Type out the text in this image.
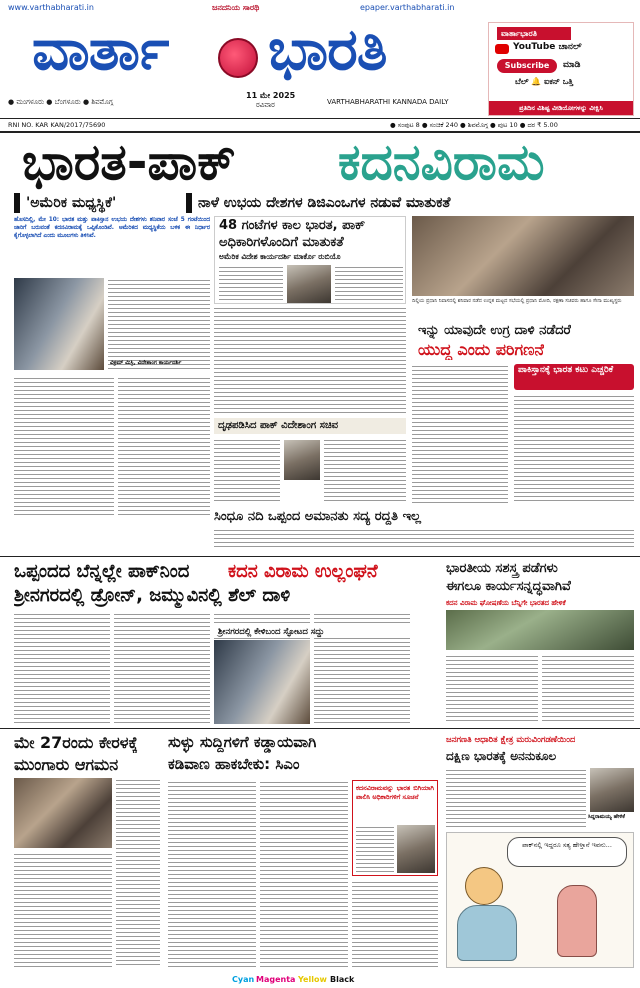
www.varthabharati.in	ಜನದನಿಯ ಸಾರಥಿ	epaper.varthabharati.in
ವಾರ್ತಾ ಭಾರತಿ
● ಮಂಗಳೂರು ● ಬೆಂಗಳೂರು ● ಶಿವಮೊಗ್ಗ
11 ಮೇ 2025
ರವಿವಾರ	VARTHABHARATHI KANNADA DAILY
ವಾರ್ತಾಭಾರತಿ
YouTube ಚಾನಲ್
Subscribe	ಮಾಡಿ
ಬೆಲ್ 🔔 ಐಕನ್ ಒತ್ತಿ
ಪ್ರತಿದಿನ ವಿಶಿಷ್ಟ ವೀಡಿಯೋಗಳನ್ನು ವೀಕ್ಷಿಸಿ
RNI NO. KAR KAN/2017/75690	● ಸಂಪುಟ 8 ● ಸಂಚಿಕೆ 240 ● ಶಿವಮೊಗ್ಗ ● ಪುಟ 10 ● ದರ ₹ 5.00
ಭಾರತ-ಪಾಕ್ ಕದನವಿರಾಮ
'ಅಮೆರಿಕ ಮಧ್ಯಸ್ಥಿಕೆ'	ನಾಳೆ ಉಭಯ ದೇಶಗಳ ಡಿಜಿಎಂಒಗಳ ನಡುವೆ ಮಾತುಕತೆ
ಹೊಸದಿಲ್ಲಿ, ಮೇ 10: ಭಾರತ ಮತ್ತು ಪಾಕಿಸ್ತಾನ ಉಭಯ ದೇಶಗಳು ಶನಿವಾರ ಸಂಜೆ 5 ಗಂಟೆಯಿಂದ ಜಾರಿಗೆ ಬರುವಂತೆ ಕದನವಿರಾಮಕ್ಕೆ ಒಪ್ಪಿಕೊಂಡಿವೆ. ಅಮೆರಿಕದ ಮಧ್ಯಸ್ಥಿಕೆಯ ಬಳಿಕ ಈ ನಿರ್ಧಾರ ಕೈಗೊಳ್ಳಲಾಗಿದೆ ಎಂದು ಮೂಲಗಳು ತಿಳಿಸಿವೆ.
ವಿಕ್ರಮ್ ಮಿಸ್ರಿ, ವಿದೇಶಾಂಗ ಕಾರ್ಯದರ್ಶಿ
48 ಗಂಟೆಗಳ ಕಾಲ ಭಾರತ, ಪಾಕ್
ಅಧಿಕಾರಿಗಳೊಂದಿಗೆ ಮಾತುಕತೆ
ಅಮೆರಿಕ ವಿದೇಶ ಕಾರ್ಯದರ್ಶಿ ಮಾರ್ಕೊ ರುಬಿಯೊ
ದೃಢಪಡಿಸಿದ ಪಾಕ್ ವಿದೇಶಾಂಗ ಸಚಿವ
ದಿಲ್ಲಿಯ ಪ್ರಧಾನಿ ನಿವಾಸದಲ್ಲಿ ಶನಿವಾರ ನಡೆದ ಉನ್ನತ ಮಟ್ಟದ ಸಭೆಯಲ್ಲಿ ಪ್ರಧಾನಿ ಮೋದಿ, ರಕ್ಷಣಾ ಸಚಿವರು ಹಾಗೂ ಸೇನಾ ಮುಖ್ಯಸ್ಥರು
ಇನ್ನು ಯಾವುದೇ ಉಗ್ರ ದಾಳಿ ನಡೆದರೆ
ಯುದ್ಧ ಎಂದು ಪರಿಗಣನೆ
ಪಾಕಿಸ್ತಾನಕ್ಕೆ ಭಾರತ ಕಟು ಎಚ್ಚರಿಕೆ
ಸಿಂಧೂ ನದಿ ಒಪ್ಪಂದ ಅಮಾನತು ಸದ್ಯ ರದ್ದತಿ ಇಲ್ಲ
ಒಪ್ಪಂದದ ಬೆನ್ನಲ್ಲೇ ಪಾಕ್‌ನಿಂದ ಕದನ ವಿರಾಮ ಉಲ್ಲಂಘನೆ
ಶ್ರೀನಗರದಲ್ಲಿ ಡ್ರೋನ್, ಜಮ್ಮುವಿನಲ್ಲಿ ಶೆಲ್ ದಾಳಿ
ಶ್ರೀನಗರದಲ್ಲಿ ಕೇಳಿಬಂದ ಸ್ಫೋಟದ ಸದ್ದು
ಭಾರತೀಯ ಸಶಸ್ತ್ರ ಪಡೆಗಳು
ಈಗಲೂ ಕಾರ್ಯಸನ್ನದ್ಧವಾಗಿವೆ
ಕದನ ವಿರಾಮ ಘೋಷಣೆಯ ಬೆನ್ನಿಗೇ ಭಾರತದ ಹೇಳಿಕೆ
ಮೇ 27ರಂದು ಕೇರಳಕ್ಕೆ
ಮುಂಗಾರು ಆಗಮನ
ಸುಳ್ಳು ಸುದ್ದಿಗಳಿಗೆ ಕಡ್ಡಾಯವಾಗಿ
ಕಡಿವಾಣ ಹಾಕಬೇಕು: ಸಿಎಂ
ಕದನವಿರಾಮವನ್ನು ಭಾರತ ಬಿಗಿಯಾಗಿ ಪಾಲಿಸಿ ಅಧಿಕಾರಿಗಳಿಗೆ ಸೂಚನೆ
ಜನಗಣತಿ ಆಧಾರಿತ ಕ್ಷೇತ್ರ ಮರುವಿಂಗಡಣೆಯಿಂದ
ದಕ್ಷಿಣ ಭಾರತಕ್ಕೆ ಅನನುಕೂಲ
ಸಿದ್ದರಾಮಯ್ಯ ಹೇಳಿಕೆ
ಪಾಕ್‌ನಲ್ಲಿ ಇದ್ದರೂ ಸತ್ಯ ಹೇಳ್ತಾನೆ ಇವನು...
Cyan Magenta Yellow Black
